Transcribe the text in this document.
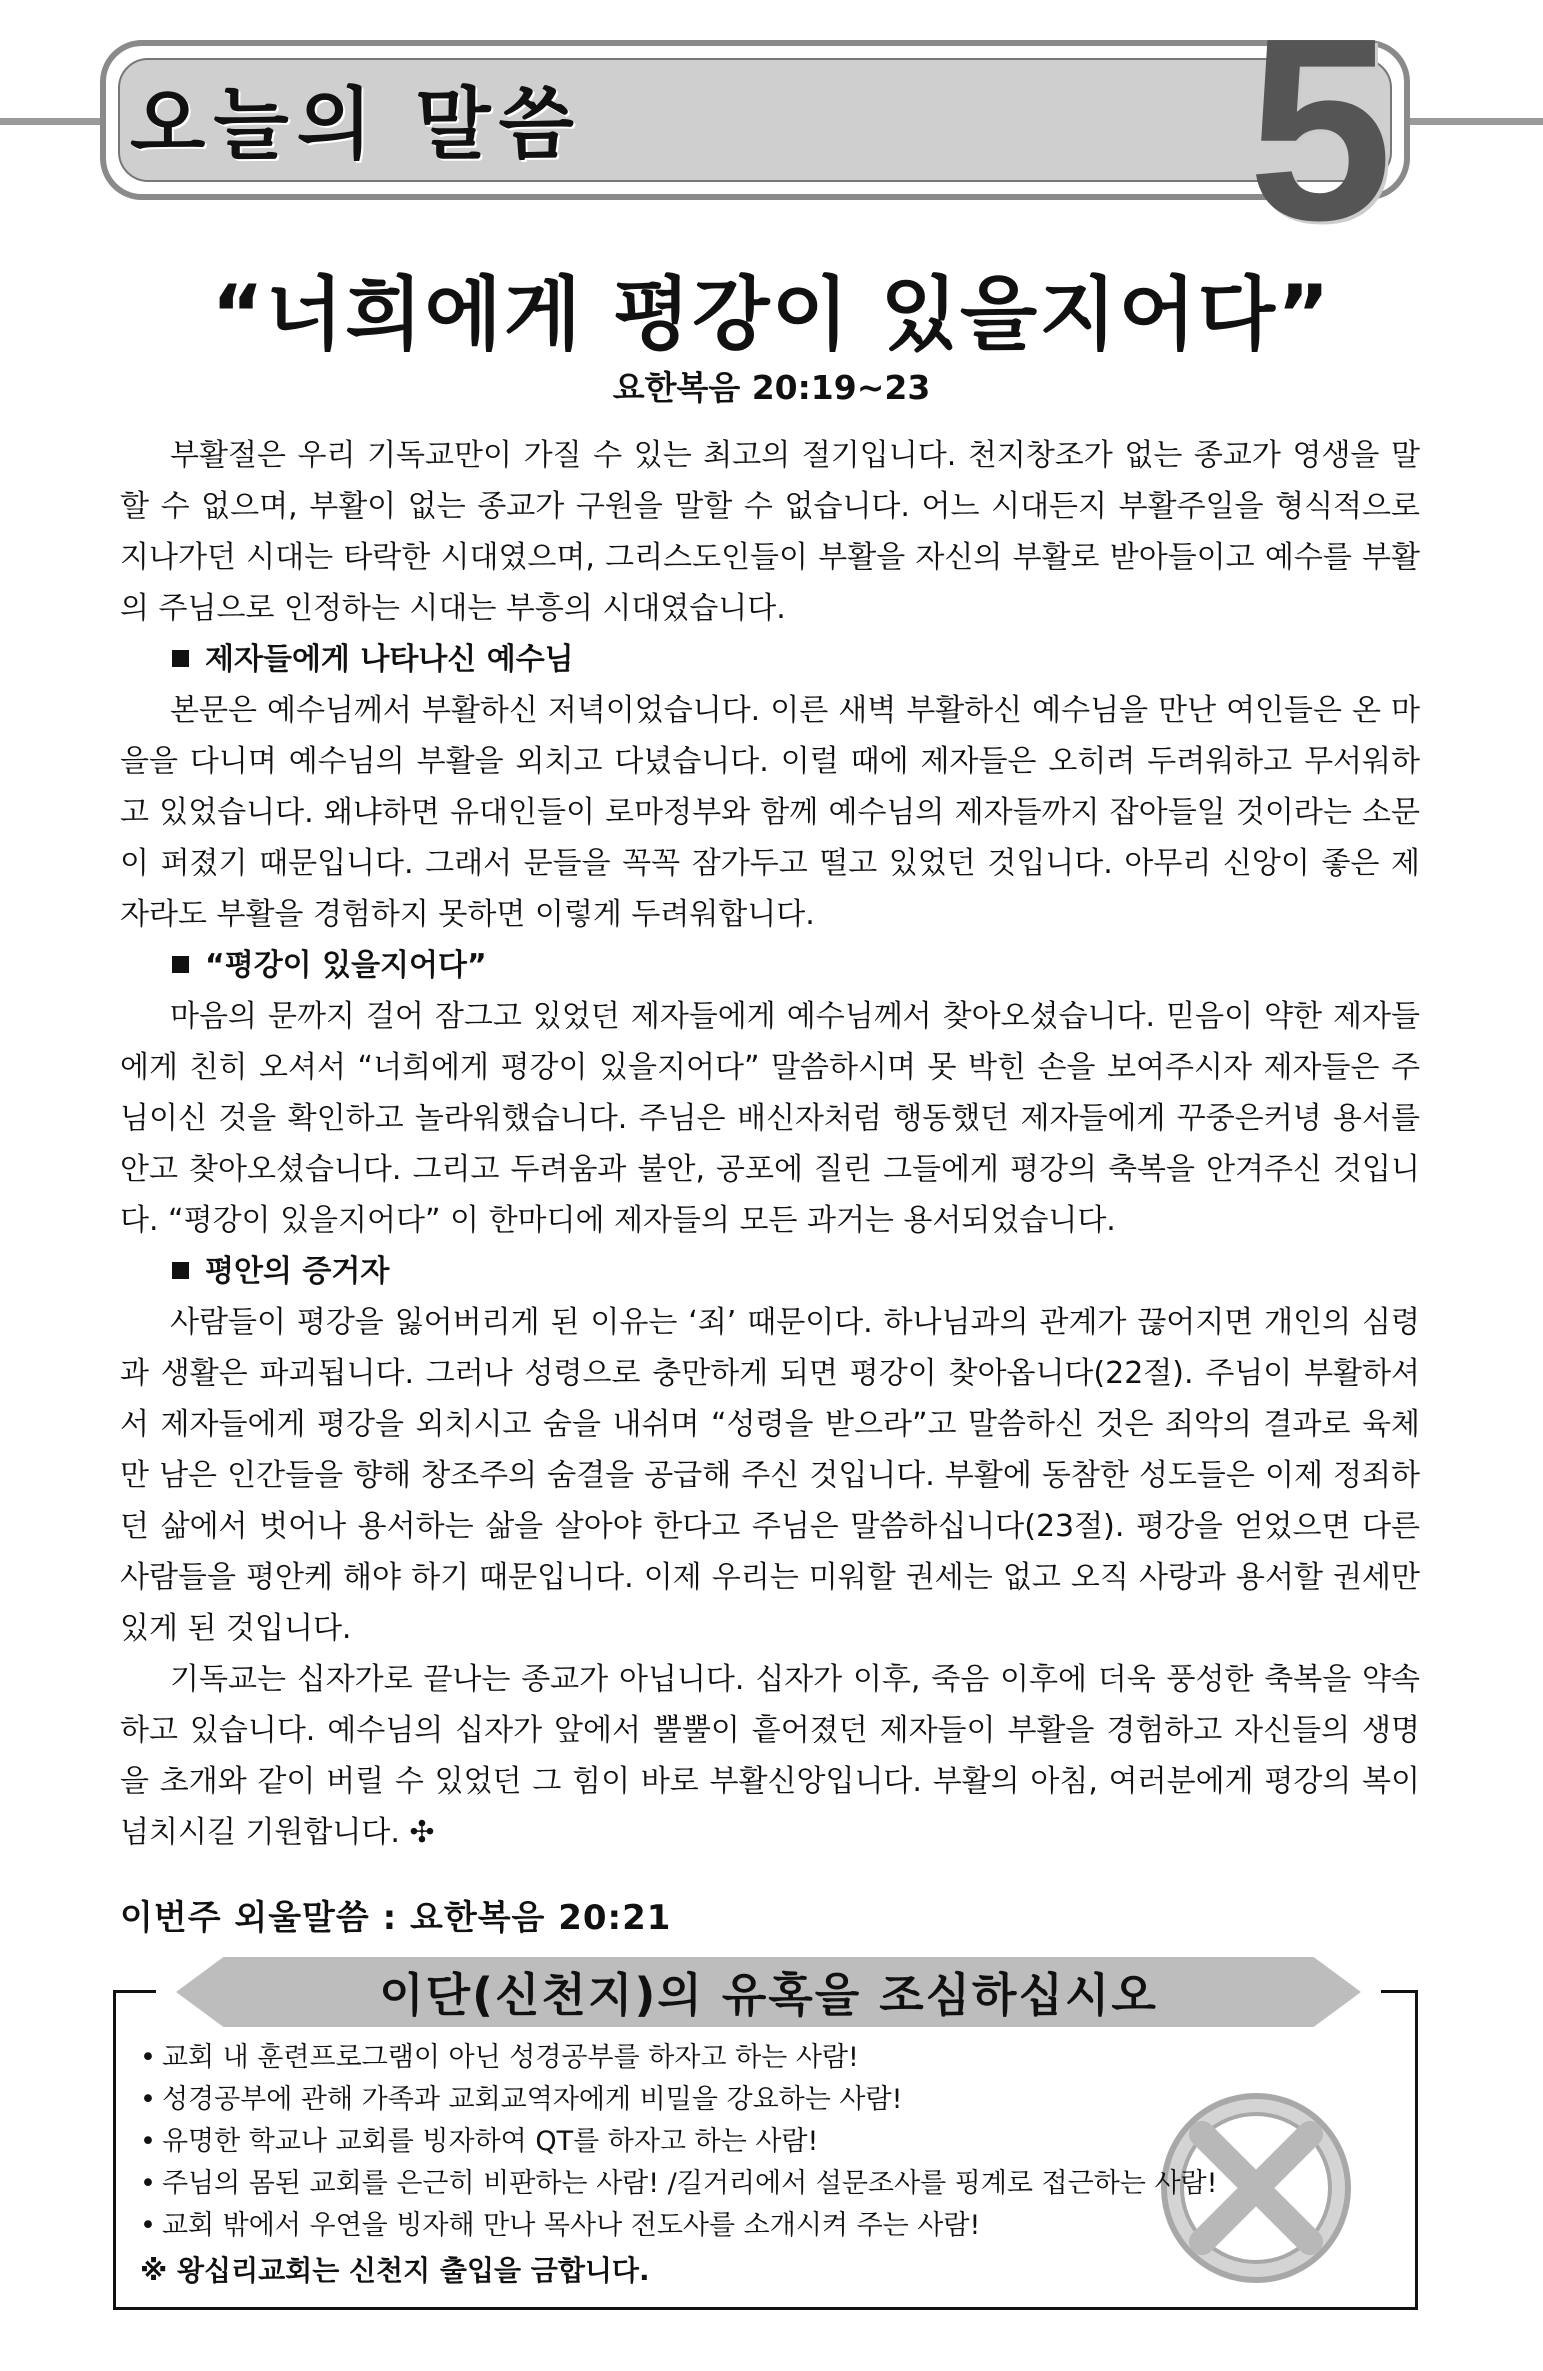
오늘의 말씀	5
“너희에게 평강이 있을지어다”
요한복음 20:19~23

부활절은 우리 기독교만이 가질 수 있는 최고의 절기입니다. 천지창조가 없는 종교가 영생을 말할 수 없으며, 부활이 없는 종교가 구원을 말할 수 없습니다. 어느 시대든지 부활주일을 형식적으로 지나가던 시대는 타락한 시대였으며, 그리스도인들이 부활을 자신의 부활로 받아들이고 예수를 부활의 주님으로 인정하는 시대는 부흥의 시대였습니다.

제자들에게 나타나신 예수님

본문은 예수님께서 부활하신 저녁이었습니다. 이른 새벽 부활하신 예수님을 만난 여인들은 온 마을을 다니며 예수님의 부활을 외치고 다녔습니다. 이럴 때에 제자들은 오히려 두려워하고 무서워하고 있었습니다. 왜냐하면 유대인들이 로마정부와 함께 예수님의 제자들까지 잡아들일 것이라는 소문이 퍼졌기 때문입니다. 그래서 문들을 꼭꼭 잠가두고 떨고 있었던 것입니다. 아무리 신앙이 좋은 제자라도 부활을 경험하지 못하면 이렇게 두려워합니다.

“평강이 있을지어다”

마음의 문까지 걸어 잠그고 있었던 제자들에게 예수님께서 찾아오셨습니다. 믿음이 약한 제자들에게 친히 오셔서 “너희에게 평강이 있을지어다” 말씀하시며 못 박힌 손을 보여주시자 제자들은 주님이신 것을 확인하고 놀라워했습니다. 주님은 배신자처럼 행동했던 제자들에게 꾸중은커녕 용서를 안고 찾아오셨습니다. 그리고 두려움과 불안, 공포에 질린 그들에게 평강의 축복을 안겨주신 것입니다. “평강이 있을지어다” 이 한마디에 제자들의 모든 과거는 용서되었습니다.

평안의 증거자

사람들이 평강을 잃어버리게 된 이유는 ‘죄’ 때문이다. 하나님과의 관계가 끊어지면 개인의 심령과 생활은 파괴됩니다. 그러나 성령으로 충만하게 되면 평강이 찾아옵니다(22절). 주님이 부활하셔서 제자들에게 평강을 외치시고 숨을 내쉬며 “성령을 받으라”고 말씀하신 것은 죄악의 결과로 육체만 남은 인간들을 향해 창조주의 숨결을 공급해 주신 것입니다. 부활에 동참한 성도들은 이제 정죄하던 삶에서 벗어나 용서하는 삶을 살아야 한다고 주님은 말씀하십니다(23절). 평강을 얻었으면 다른 사람들을 평안케 해야 하기 때문입니다. 이제 우리는 미워할 권세는 없고 오직 사랑과 용서할 권세만 있게 된 것입니다.

기독교는 십자가로 끝나는 종교가 아닙니다. 십자가 이후, 죽음 이후에 더욱 풍성한 축복을 약속하고 있습니다. 예수님의 십자가 앞에서 뿔뿔이 흩어졌던 제자들이 부활을 경험하고 자신들의 생명을 초개와 같이 버릴 수 있었던 그 힘이 바로 부활신앙입니다. 부활의 아침, 여러분에게 평강의 복이 넘치시길 기원합니다. ✣

이번주 외울말씀 : 요한복음 20:21
이단(신천지)의 유혹을 조심하십시오
• 교회 내 훈련프로그램이 아닌 성경공부를 하자고 하는 사람!
• 성경공부에 관해 가족과 교회교역자에게 비밀을 강요하는 사람!
• 유명한 학교나 교회를 빙자하여 QT를 하자고 하는 사람!
• 주님의 몸된 교회를 은근히 비판하는 사람! /길거리에서 설문조사를 핑계로 접근하는 사람!
• 교회 밖에서 우연을 빙자해 만나 목사나 전도사를 소개시켜 주는 사람!
※ 왕십리교회는 신천지 출입을 금합니다.
